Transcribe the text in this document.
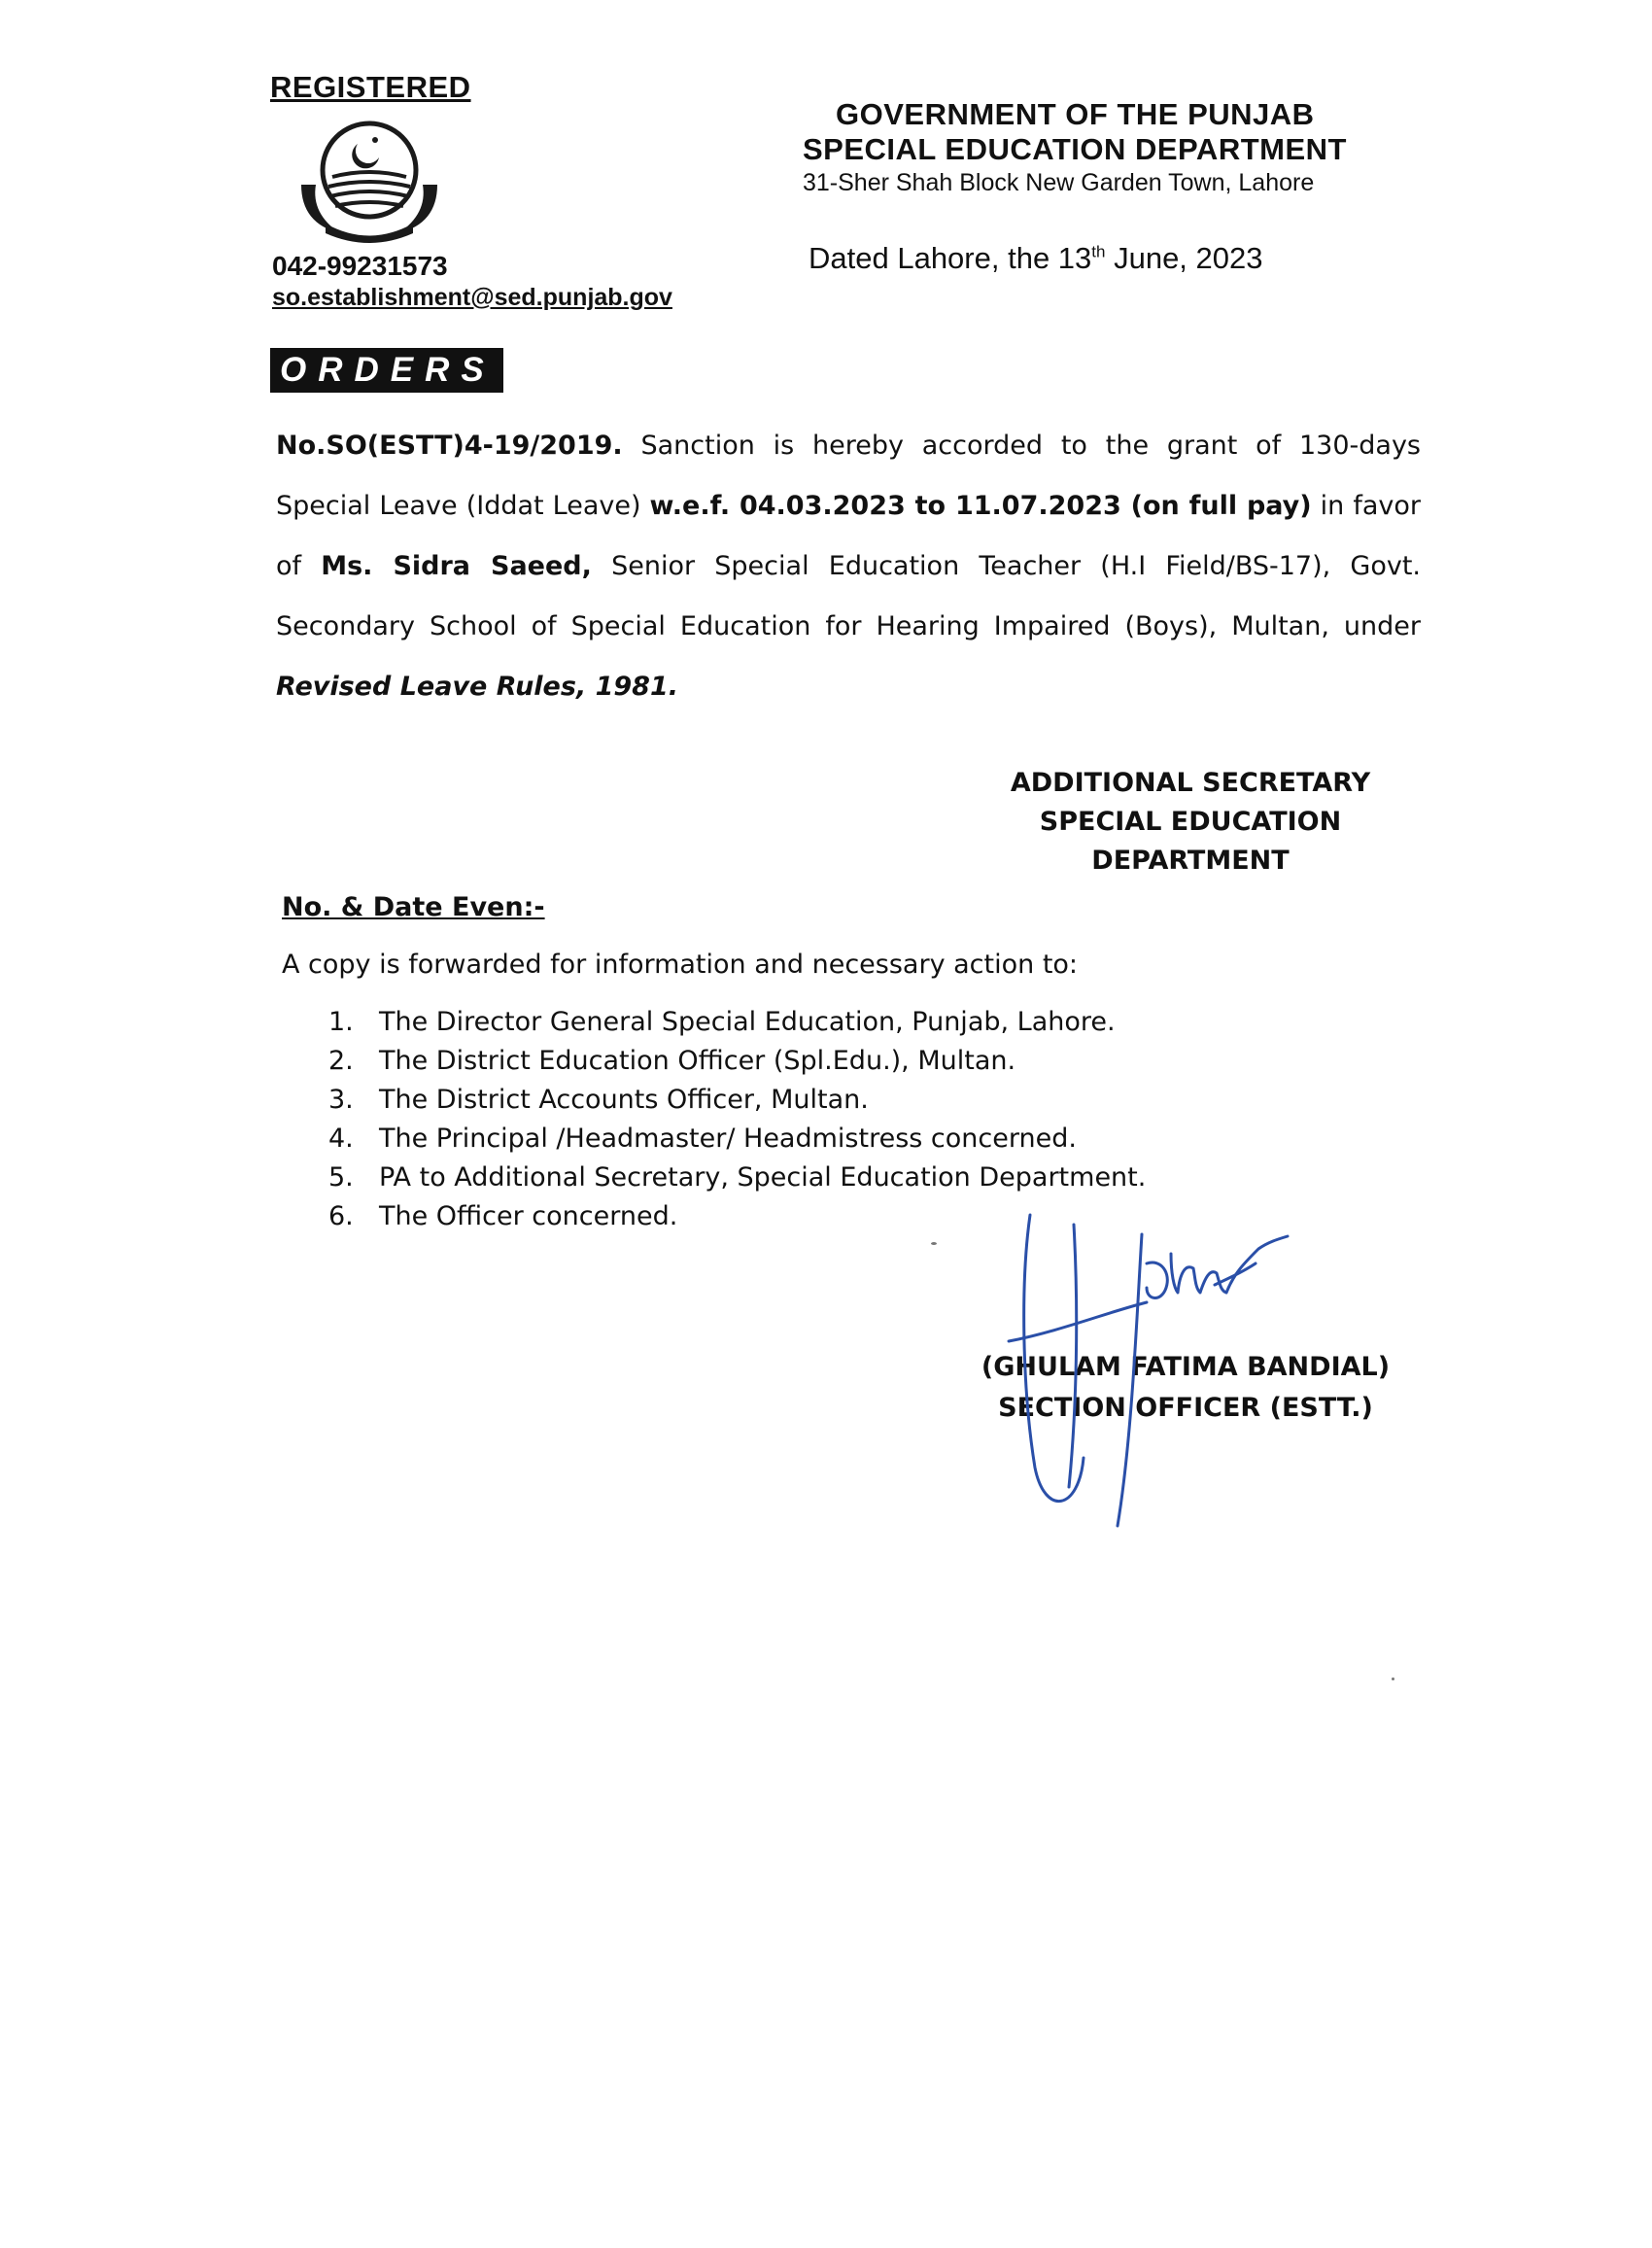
REGISTERED
042-99231573
so.establishment@sed.punjab.gov
GOVERNMENT OF THE PUNJAB
SPECIAL EDUCATION DEPARTMENT
31-Sher Shah Block New Garden Town, Lahore
Dated Lahore, the 13th June, 2023
ORDERS
No.SO(ESTT)4-19/2019. Sanction is hereby accorded to the grant of 130-days Special Leave (Iddat Leave) w.e.f. 04.03.2023 to 11.07.2023 (on full pay) in favor of Ms. Sidra Saeed, Senior Special Education Teacher (H.I Field/BS-17), Govt. Secondary School of Special Education for Hearing Impaired (Boys), Multan, under Revised Leave Rules, 1981.
ADDITIONAL SECRETARY
SPECIAL EDUCATION
DEPARTMENT
No. & Date Even:-
A copy is forwarded for information and necessary action to:
1. The Director General Special Education, Punjab, Lahore.
2. The District Education Officer (Spl.Edu.), Multan.
3. The District Accounts Officer, Multan.
4. The Principal /Headmaster/ Headmistress concerned.
5. PA to Additional Secretary, Special Education Department.
6. The Officer concerned.
(GHULAM FATIMA BANDIAL)
SECTION OFFICER (ESTT.)
